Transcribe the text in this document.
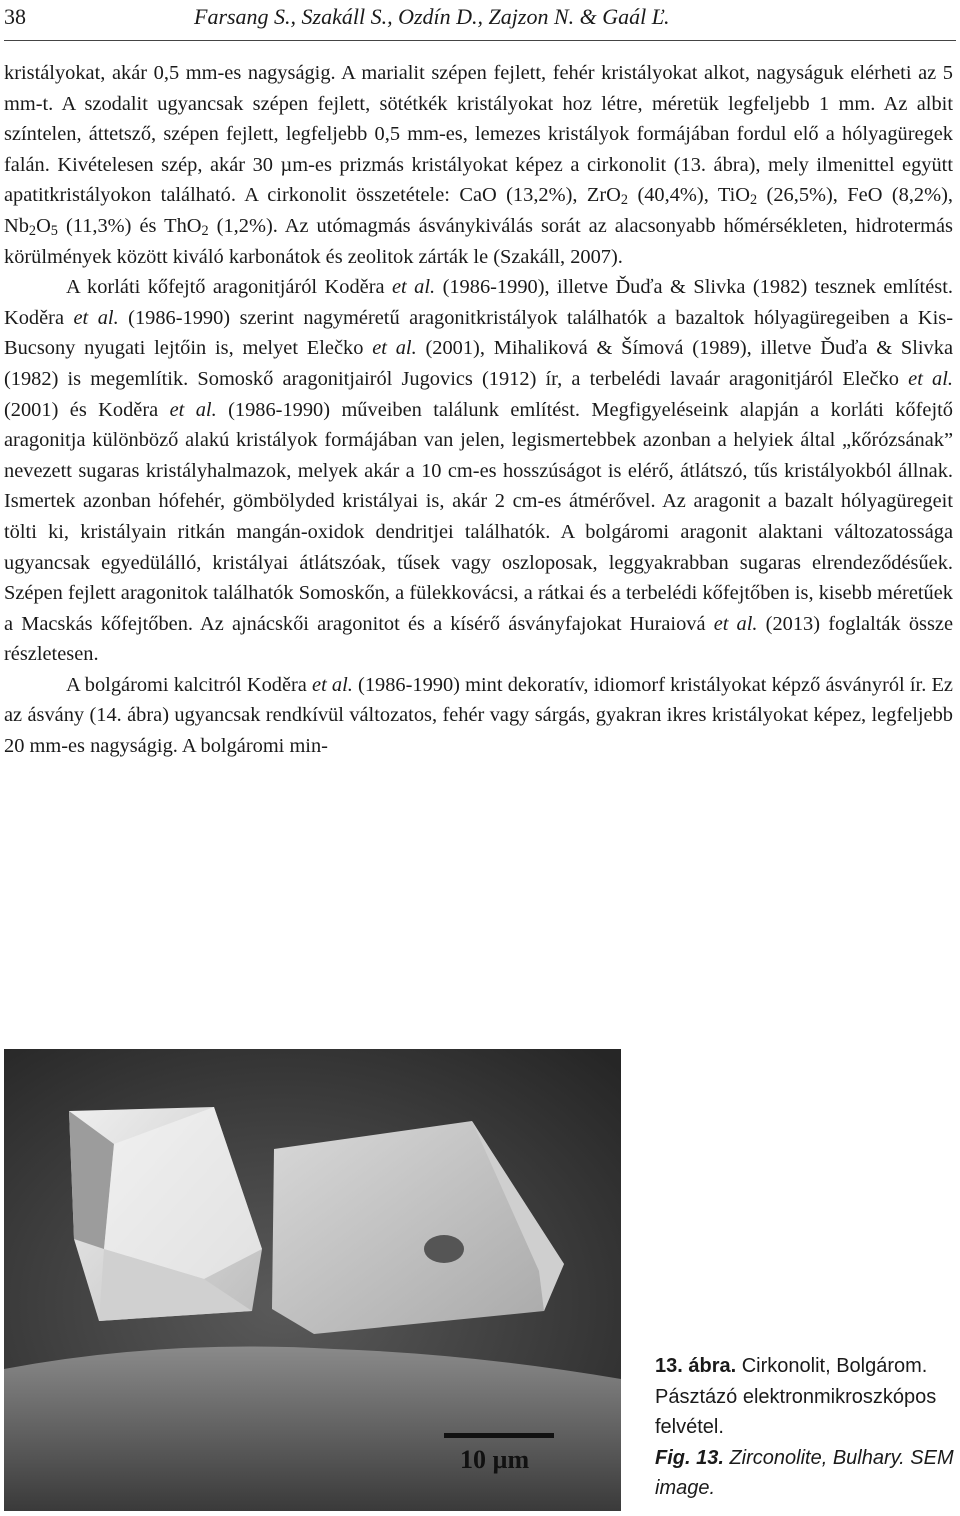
38	Farsang S., Szakáll S., Ozdín D., Zajzon N. & Gaál Ľ.

kristályokat, akár 0,5 mm-es nagyságig. A marialit szépen fejlett, fehér kristályokat alkot, nagyságuk elérheti az 5 mm-t. A szodalit ugyancsak szépen fejlett, sötétkék kristályokat hoz létre, méretük legfeljebb 1 mm. Az albit színtelen, áttetsző, szépen fejlett, legfeljebb 0,5 mm-es, lemezes kristályok formájában fordul elő a hólyagüregek falán. Kivételesen szép, akár 30 µm-es prizmás kristályokat képez a cirkonolit (13. ábra), mely ilmenittel együtt apatitkristályokon található. A cirkonolit összetétele: CaO (13,2%), ZrO$_2$ (40,4%), TiO$_2$ (26,5%), FeO (8,2%), $Nb_2O_5$ (11,3%) és ThO$_2$ (1,2%). Az utómagmás ásványkiválás sorát az alacsonyabb hőmérsékleten, hidrotermás körülmények között kiváló karbonátok és zeolitok zárták le (Szakáll, 2007).

A korláti kőfejtő aragonitjáról Koděra et al. (1986-1990), illetve Ďuďa & Slivka (1982) tesznek említést. Koděra et al. (1986-1990) szerint nagyméretű aragonitkristályok találhatók a bazaltok hólyagüregeiben a Kis-Bucsony nyugati lejtőin is, melyet Elečko et al. (2001), Mihaliková & Šímová (1989), illetve Ďuďa & Slivka (1982) is megemlítik. Somoskő aragonitjairól Jugovics (1912) ír, a terbelédi lavaár aragonitjáról Elečko et al. (2001) és Koděra et al. (1986-1990) műveiben találunk említést. Megfigyeléseink alapján a korláti kőfejtő aragonitja különböző alakú kristályok formájában van jelen, legismertebbek azonban a helyiek által „kőrózsának” nevezett sugaras kristályhalmazok, melyek akár a 10 cm-es hosszúságot is elérő, átlátszó, tűs kristályokból állnak. Ismertek azonban hófehér, gömbölyded kristályai is, akár 2 cm-es átmérővel. Az aragonit a bazalt hólyagüregeit tölti ki, kristályain ritkán mangán-oxidok dendritjei találhatók. A bolgáromi aragonit alaktani változatossága ugyancsak egyedülálló, kristályai átlátszóak, tűsek vagy oszloposak, leggyakrabban sugaras elrendeződésűek. Szépen fejlett aragonitok találhatók Somoskőn, a fülekkovácsi, a rátkai és a terbelédi kőfejtőben is, kisebb méretűek a Macskás kőfejtőben. Az ajnácskői aragonitot és a kísérő ásványfajokat Huraiová et al. (2013) foglalták össze részletesen.

A bolgáromi kalcitról Koděra et al. (1986-1990) mint dekoratív, idiomorf kristályokat képző ásványról ír. Ez az ásvány (14. ábra) ugyancsak rendkívül változatos, fehér vagy sárgás, gyakran ikres kristályokat képez, legfeljebb 20 mm-es nagyságig. A bolgáromi min-

10 µm
13. ábra. Cirkonolit, Bolgárom. Pásztázó elektronmikroszkópos felvétel.
Fig. 13. Zirconolite, Bulhary. SEM image.
